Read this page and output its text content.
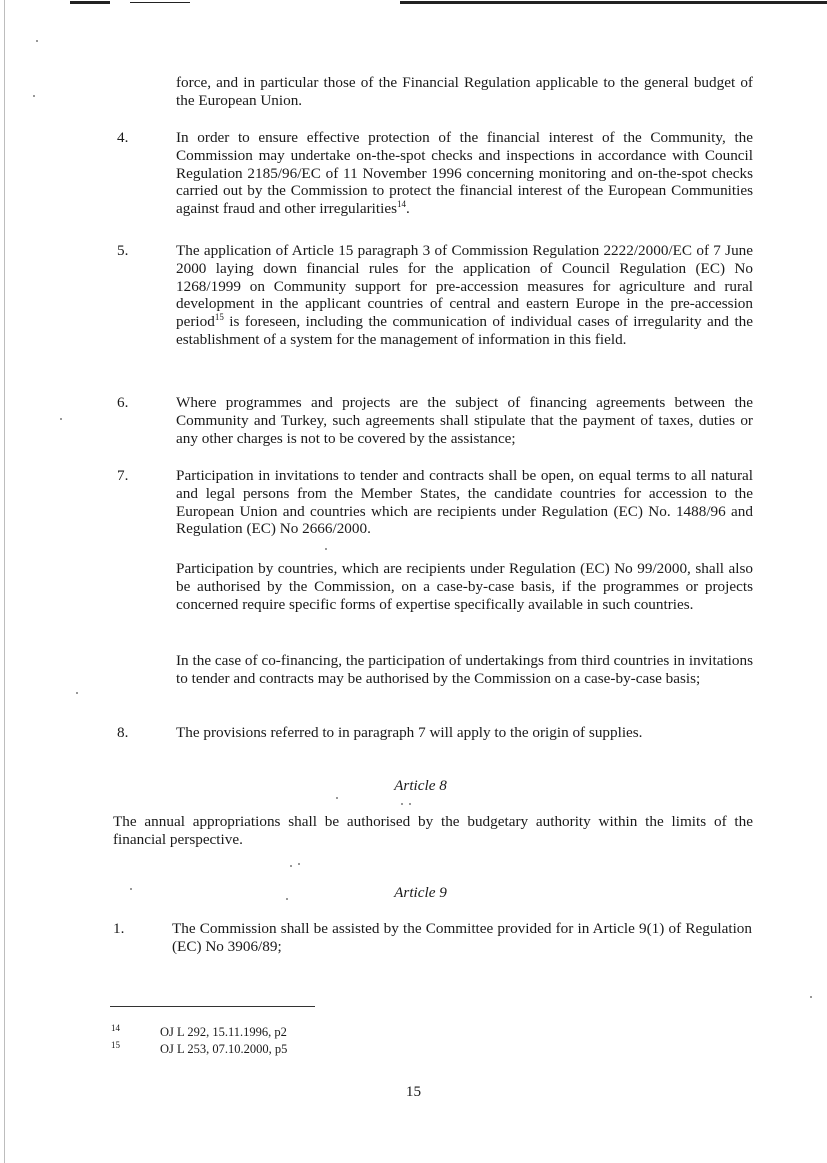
force, and in particular those of the Financial Regulation applicable to the general budget of the European Union.
4.	In order to ensure effective protection of the financial interest of the Community, the Commission may undertake on-the-spot checks and inspections in accordance with Council Regulation 2185/96/EC of 11 November 1996 concerning monitoring and on-the-spot checks carried out by the Commission to protect the financial interest of the European Communities against fraud and other irregularities$^{14}$.
5.	The application of Article 15 paragraph 3 of Commission Regulation 2222/2000/EC of 7 June 2000 laying down financial rules for the application of Council Regulation (EC) No 1268/1999 on Community support for pre-accession measures for agriculture and rural development in the applicant countries of central and eastern Europe in the pre-accession period$^{15}$ is foreseen, including the communication of individual cases of irregularity and the establishment of a system for the management of information in this field.
6.	Where programmes and projects are the subject of financing agreements between the Community and Turkey, such agreements shall stipulate that the payment of taxes, duties or any other charges is not to be covered by the assistance;
7.	Participation in invitations to tender and contracts shall be open, on equal terms to all natural and legal persons from the Member States, the candidate countries for accession to the European Union and countries which are recipients under Regulation (EC) No. 1488/96 and Regulation (EC) No 2666/2000.
Participation by countries, which are recipients under Regulation (EC) No 99/2000, shall also be authorised by the Commission, on a case-by-case basis, if the programmes or projects concerned require specific forms of expertise specifically available in such countries.
In the case of co-financing, the participation of undertakings from third countries in invitations to tender and contracts may be authorised by the Commission on a case-by-case basis;
8.	The provisions referred to in paragraph 7 will apply to the origin of supplies.
Article 8
The annual appropriations shall be authorised by the budgetary authority within the limits of the financial perspective.
Article 9
1.	The Commission shall be assisted by the Committee provided for in Article 9(1) of Regulation (EC) No 3906/89;
14	OJ L 292, 15.11.1996, p2
15	OJ L 253, 07.10.2000, p5
15
